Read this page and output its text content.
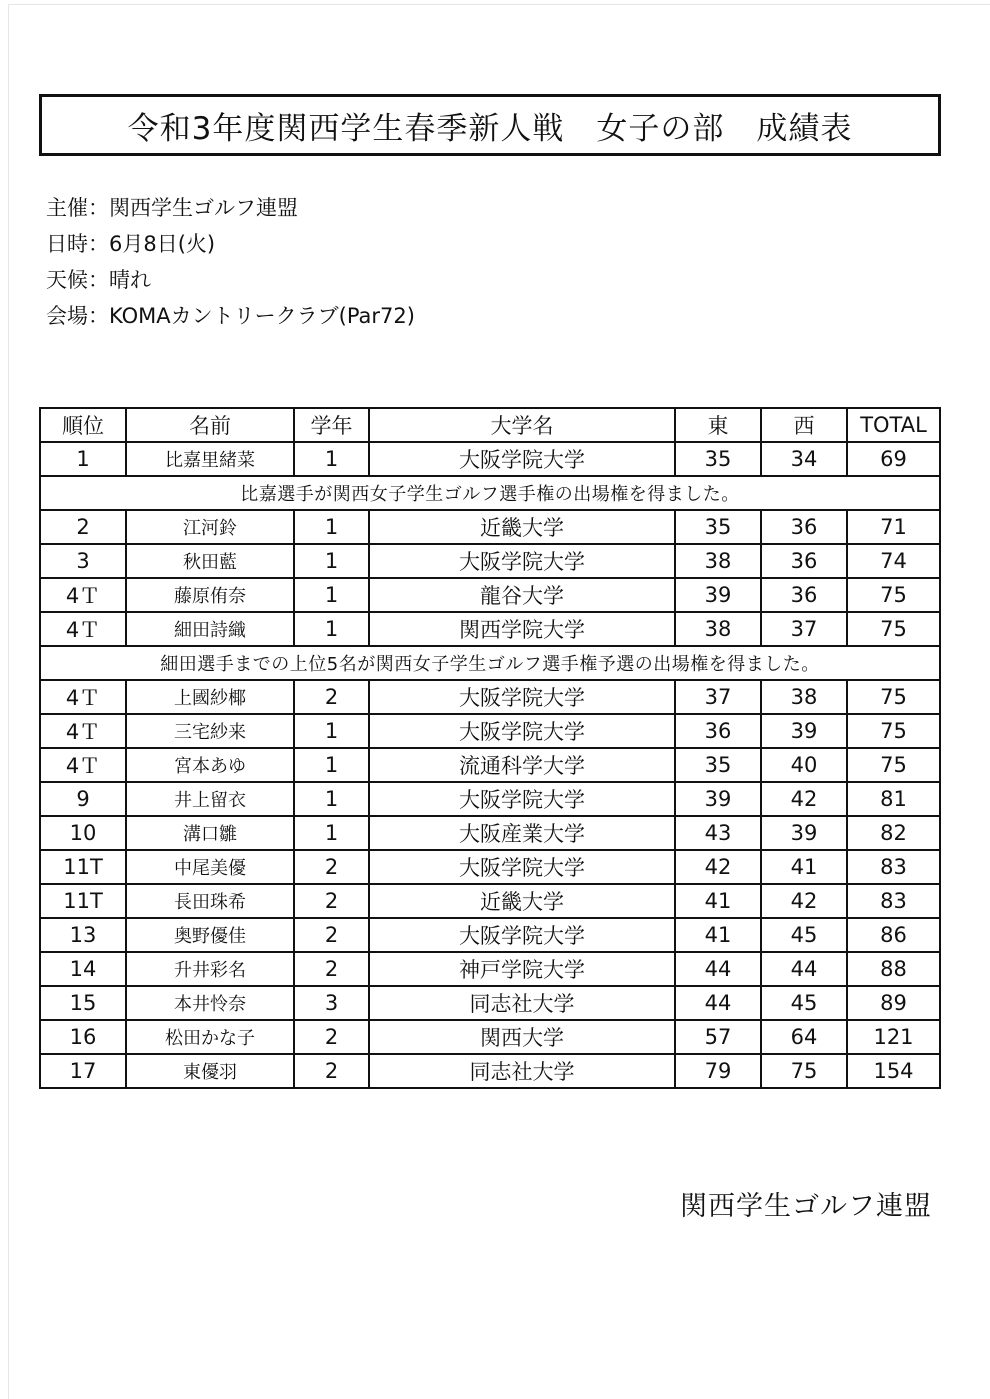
令和3年度関西学生春季新人戦　女子の部　成績表
主催：関西学生ゴルフ連盟
日時：6月8日(火)
天候：晴れ
会場：KOMAカントリークラブ(Par72)
順位	名前	学年	大学名	東	西	TOTAL
1	比嘉里緒菜	1	大阪学院大学	35	34	69
比嘉選手が関西女子学生ゴルフ選手権の出場権を得ました。						
2	江河鈴	1	近畿大学	35	36	71
3	秋田藍	1	大阪学院大学	38	36	74
4Ｔ	藤原侑奈	1	龍谷大学	39	36	75
4Ｔ	細田詩織	1	関西学院大学	38	37	75
細田選手までの上位5名が関西女子学生ゴルフ選手権予選の出場権を得ました。						
4Ｔ	上國紗椰	2	大阪学院大学	37	38	75
4Ｔ	三宅紗来	1	大阪学院大学	36	39	75
4Ｔ	宮本あゆ	1	流通科学大学	35	40	75
9	井上留衣	1	大阪学院大学	39	42	81
10	溝口雛	1	大阪産業大学	43	39	82
11T	中尾美優	2	大阪学院大学	42	41	83
11T	長田珠希	2	近畿大学	41	42	83
13	奥野優佳	2	大阪学院大学	41	45	86
14	升井彩名	2	神戸学院大学	44	44	88
15	本井怜奈	3	同志社大学	44	45	89
16	松田かな子	2	関西大学	57	64	121
17	東優羽	2	同志社大学	79	75	154
関西学生ゴルフ連盟
